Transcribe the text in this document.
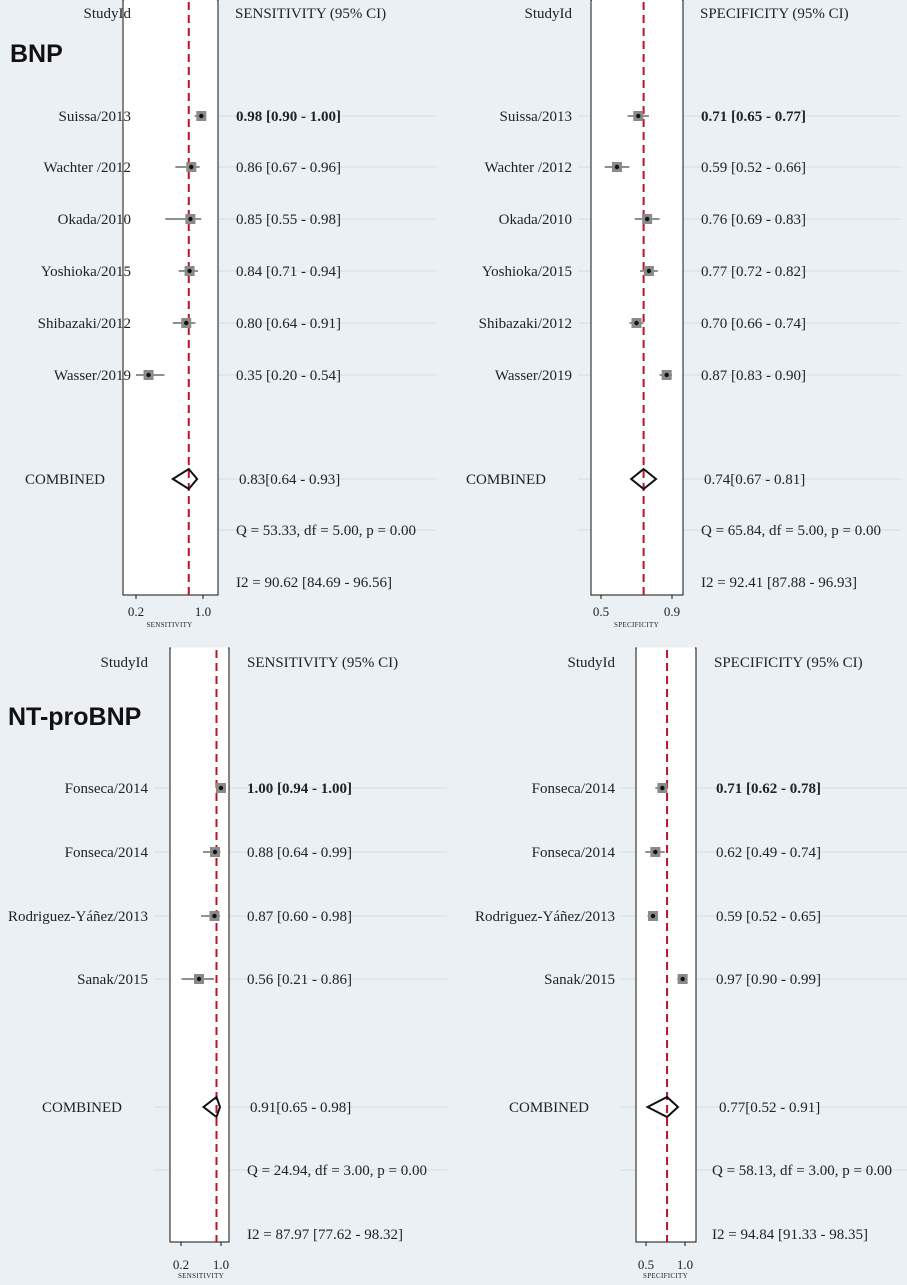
BNP
StudyId	SENSITIVITY (95% CI)
Suissa/2013	0.98 [0.90 - 1.00]
Wachter /2012	0.86 [0.67 - 0.96]
Okada/2010	0.85 [0.55 - 0.98]
Yoshioka/2015	0.84 [0.71 - 0.94]
Shibazaki/2012	0.80 [0.64 - 0.91]
Wasser/2019	0.35 [0.20 - 0.54]
COMBINED	0.83[0.64 - 0.93]
Q = 53.33, df = 5.00, p = 0.00
I2 = 90.62 [84.69 - 96.56]
0.2	1.0
SENSITIVITY
StudyId	SPECIFICITY (95% CI)
Suissa/2013	0.71 [0.65 - 0.77]
Wachter /2012	0.59 [0.52 - 0.66]
Okada/2010	0.76 [0.69 - 0.83]
Yoshioka/2015	0.77 [0.72 - 0.82]
Shibazaki/2012	0.70 [0.66 - 0.74]
Wasser/2019	0.87 [0.83 - 0.90]
COMBINED	0.74[0.67 - 0.81]
Q = 65.84, df = 5.00, p = 0.00
I2 = 92.41 [87.88 - 96.93]
0.5	0.9
SPECIFICITY
NT-proBNP
StudyId	SENSITIVITY (95% CI)
Fonseca/2014	1.00 [0.94 - 1.00]
Fonseca/2014	0.88 [0.64 - 0.99]
Rodriguez-Yáñez/2013	0.87 [0.60 - 0.98]
Sanak/2015	0.56 [0.21 - 0.86]
COMBINED	0.91[0.65 - 0.98]
Q = 24.94, df = 3.00, p = 0.00
I2 = 87.97 [77.62 - 98.32]
0.2 1.0
SENSITIVITY
StudyId	SPECIFICITY (95% CI)
Fonseca/2014	0.71 [0.62 - 0.78]
Fonseca/2014	0.62 [0.49 - 0.74]
Rodriguez-Yáñez/2013	0.59 [0.52 - 0.65]
Sanak/2015	0.97 [0.90 - 0.99]
COMBINED	0.77[0.52 - 0.91]
Q = 58.13, df = 3.00, p = 0.00
I2 = 94.84 [91.33 - 98.35]
0.5 1.0
SPECIFICITY
